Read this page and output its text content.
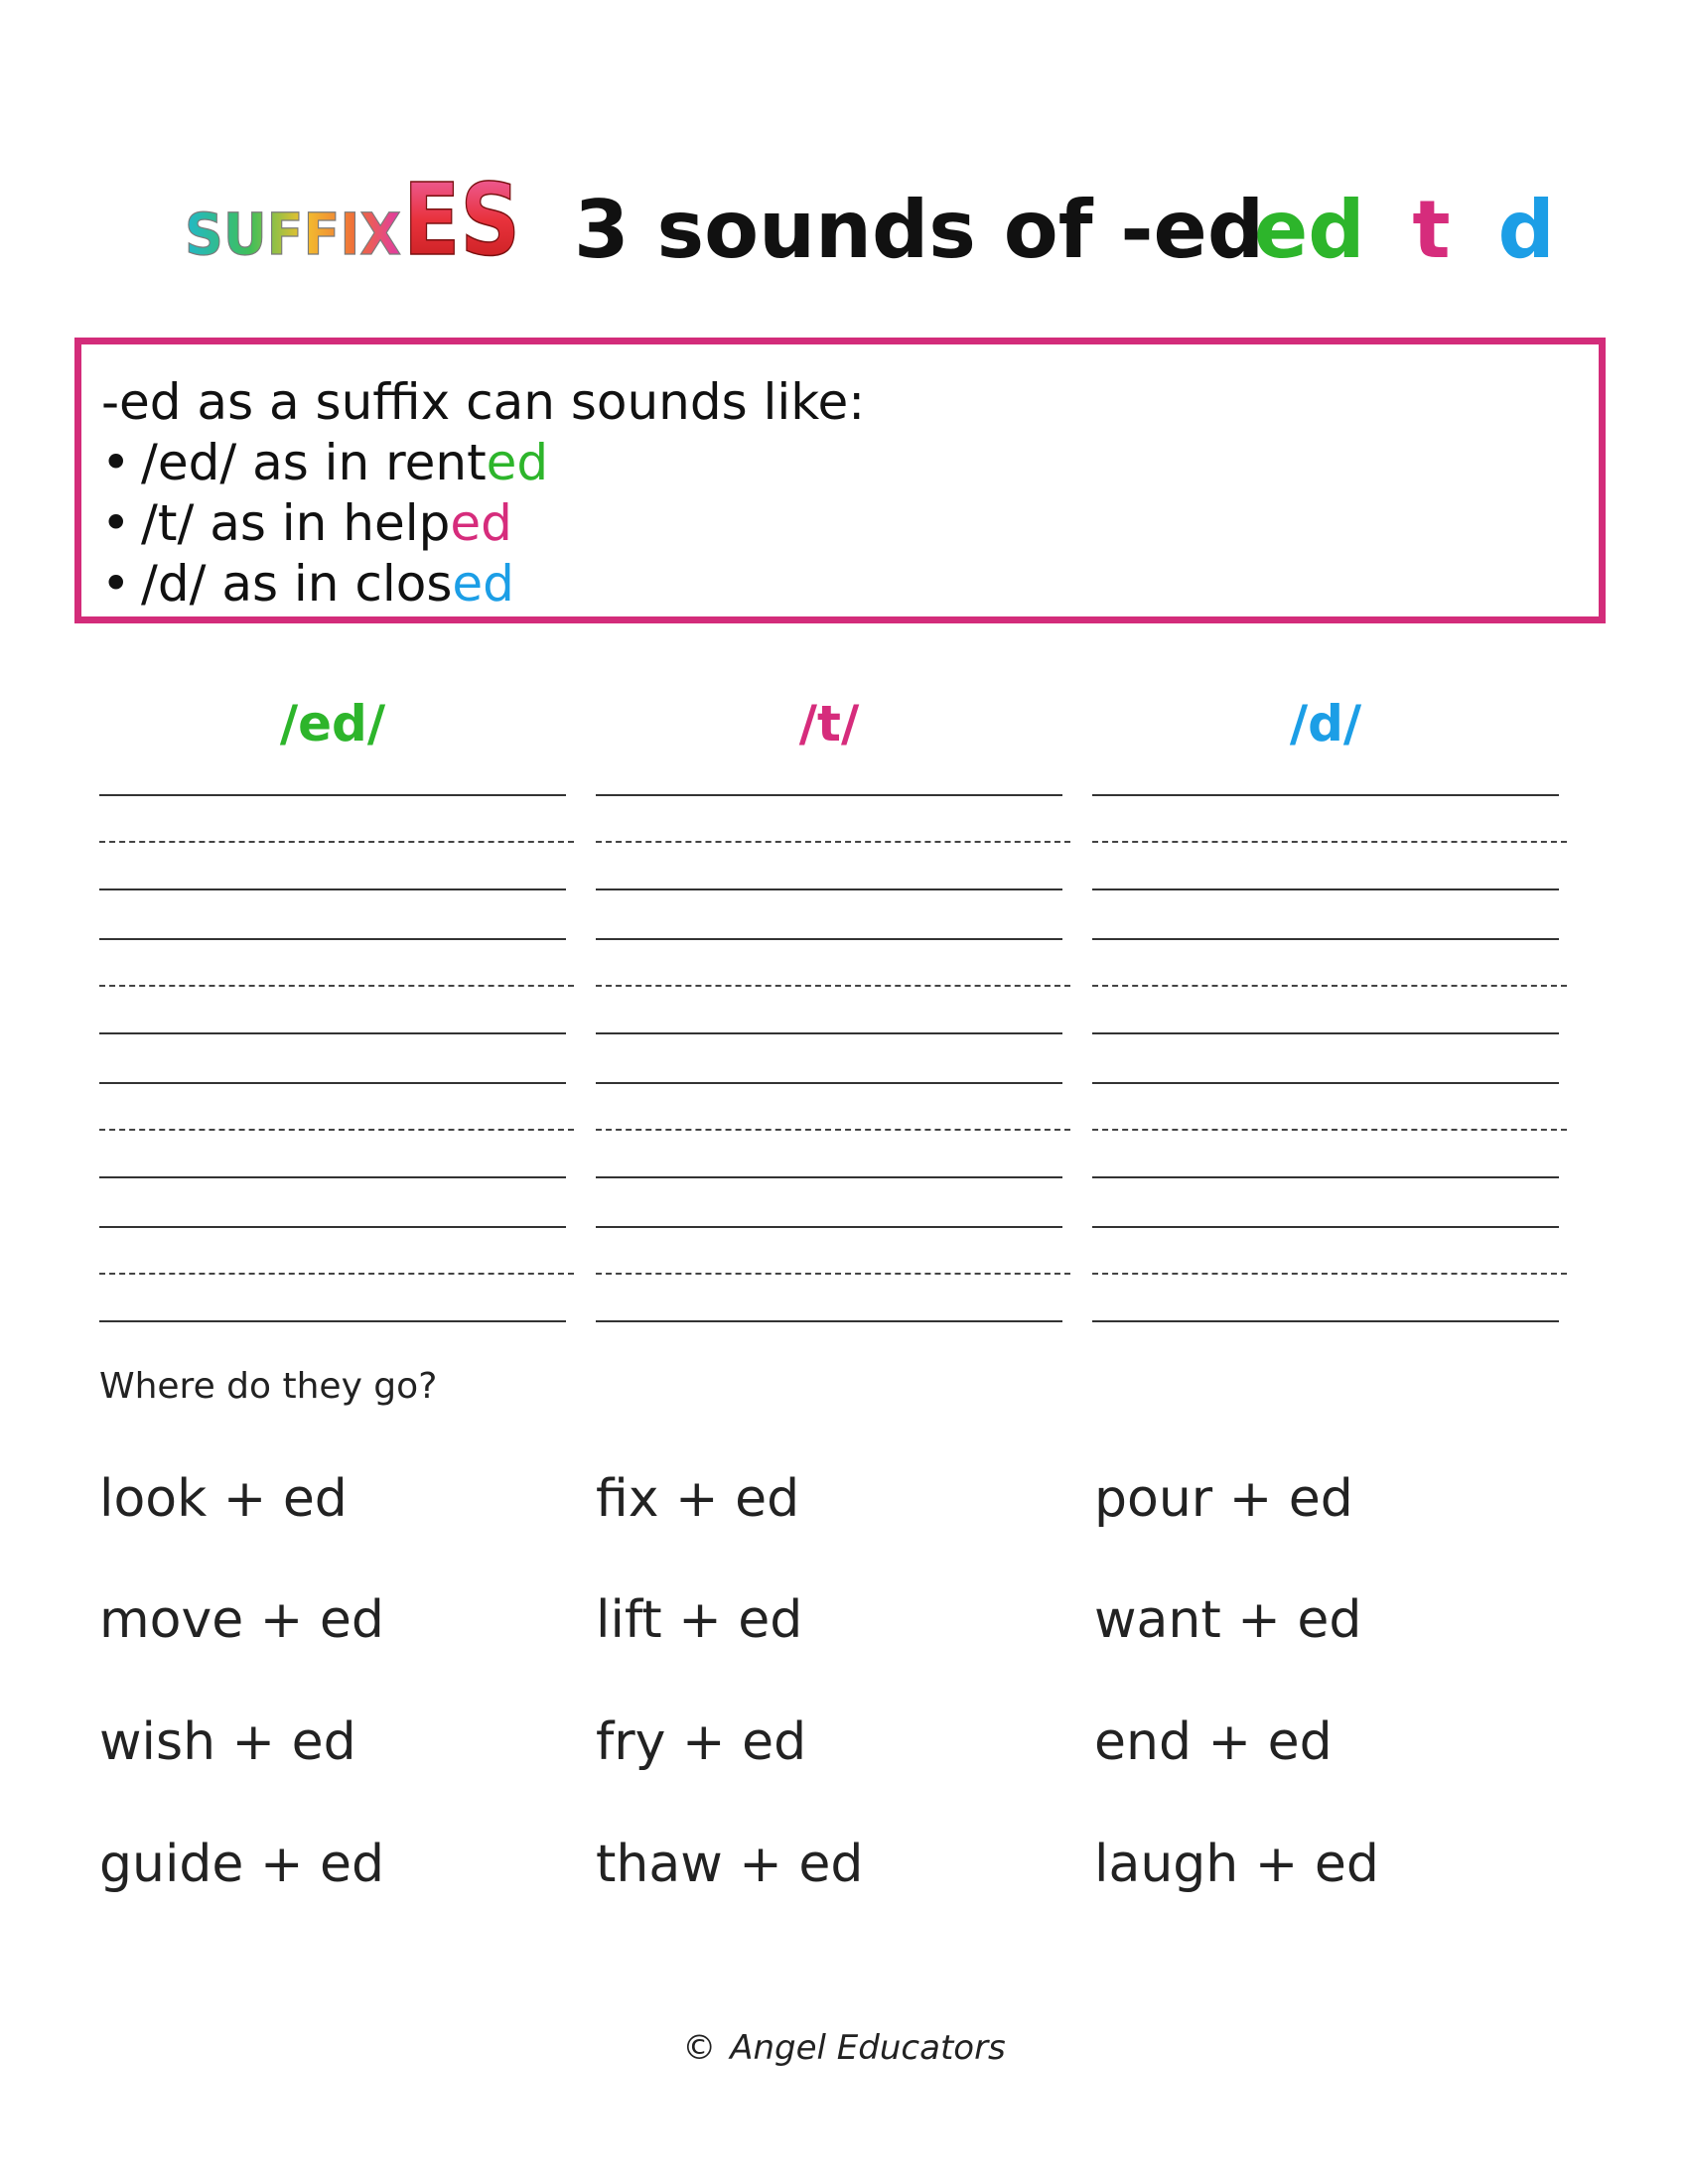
SUFFIX ES 3 sounds of -ed
ed t d
-ed as a suffix can sounds like:
• /ed/ as in rented
• /t/ as in helped
• /d/ as in closed
/ed/	/t/	/d/
Where do they go?
look + ed	fix + ed	pour + ed
move + ed	lift + ed	want + ed
wish + ed	fry + ed	end + ed
guide + ed	thaw + ed	laugh + ed
© Angel Educators
